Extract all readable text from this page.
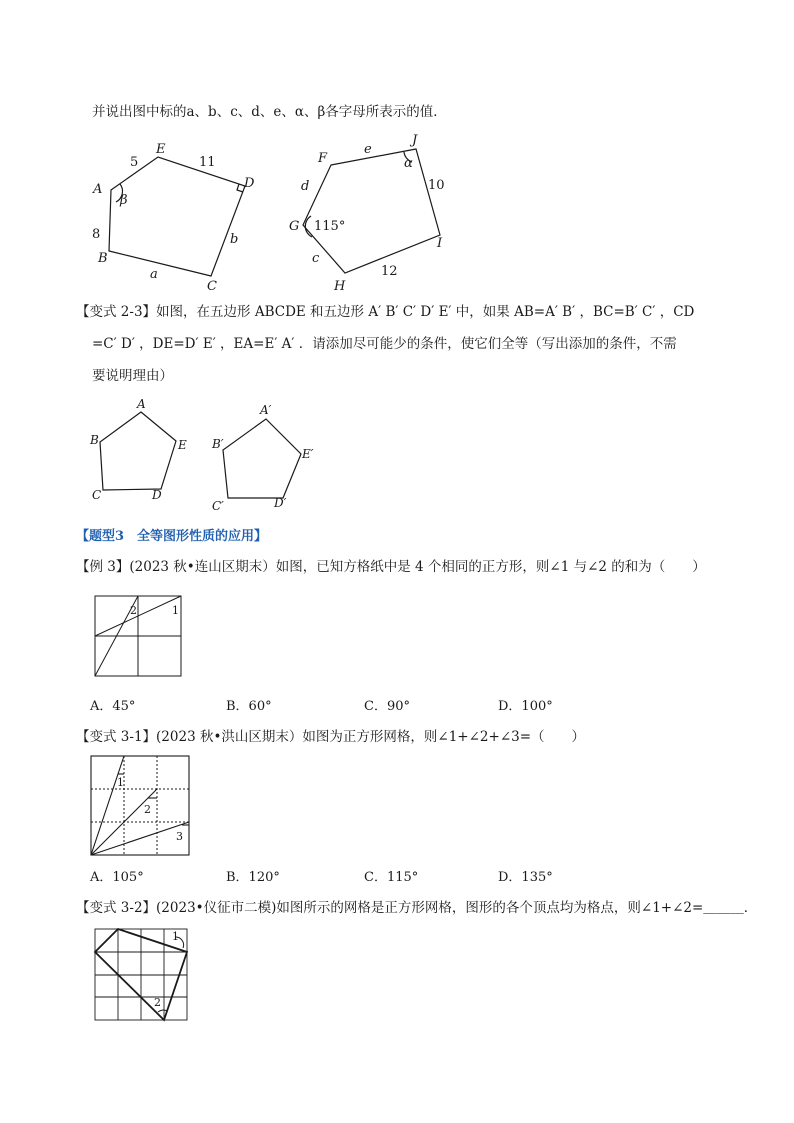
并说出图中标的a、b、c、d、e、α、β各字母所表示的值．
A
E
D
C
B
5	11
b
a
8
β
F
J
I
H
G
e
10
12
c
d
α
115°
【变式 2-3】如图，在五边形 ABCDE 和五边形 A′ B′ C′ D′ E′ 中，如果 AB=A′ B′ ，BC=B′ C′ ，CD
=C′ D′ ，DE=D′ E′ ，EA=E′ A′ ．请添加尽可能少的条件，使它们全等（写出添加的条件，不需
要说明理由）
A
B
C	D
E
A′
B′
C′	D′
E′
【题型3　全等图形性质的应用】
【例 3】(2023 秋•连山区期末）如图，已知方格纸中是 4 个相同的正方形，则∠1 与∠2 的和为（　　）
2	1
A．45°	B．60°	C．90°	D．100°
【变式 3-1】(2023 秋•洪山区期末）如图为正方形网格，则∠1+∠2+∠3=（　　）
1
2
3
A．105°	B．120°	C．115°	D．135°
【变式 3-2】(2023•仪征市二模)如图所示的网格是正方形网格，图形的各个顶点均为格点，则∠1+∠2=＿＿＿．
1
2
